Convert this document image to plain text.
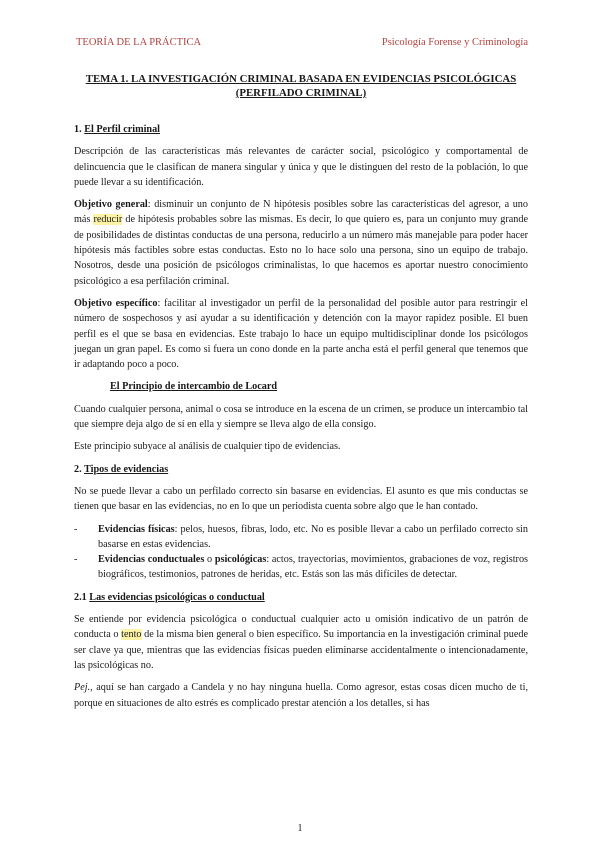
TEORÍA DE LA PRÁCTICA	Psicología Forense y Criminología
TEMA 1. LA INVESTIGACIÓN CRIMINAL BASADA EN EVIDENCIAS PSICOLÓGICAS
(PERFILADO CRIMINAL)
1. El Perfil criminal

Descripción de las características más relevantes de carácter social, psicológico y comportamental de delincuencia que le clasifican de manera singular y única y que le distinguen del resto de la población, lo que puede llevar a su identificación.

Objetivo general: disminuir un conjunto de N hipótesis posibles sobre las características del agresor, a uno más reducir de hipótesis probables sobre las mismas. Es decir, lo que quiero es, para un conjunto muy grande de posibilidades de distintas conductas de una persona, reducirlo a un número más manejable para poder hacer hipótesis más factibles sobre estas conductas. Esto no lo hace solo una persona, sino un equipo de trabajo. Nosotros, desde una posición de psicólogos criminalistas, lo que hacemos es aportar nuestro conocimiento psicológico a esa perfilación criminal.

Objetivo específico: facilitar al investigador un perfil de la personalidad del posible autor para restringir el número de sospechosos y así ayudar a su identificación y detención con la mayor rapidez posible. El buen perfil es el que se basa en evidencias. Este trabajo lo hace un equipo multidisciplinar donde los psicólogos juegan un gran papel. Es como si fuera un cono donde en la parte ancha está el perfil general que tenemos que ir adaptando poco a poco.

El Principio de intercambio de Locard

Cuando cualquier persona, animal o cosa se introduce en la escena de un crimen, se produce un intercambio tal que siempre deja algo de sí en ella y siempre se lleva algo de ella consigo.

Este principio subyace al análisis de cualquier tipo de evidencias.

2. Tipos de evidencias

No se puede llevar a cabo un perfilado correcto sin basarse en evidencias. El asunto es que mis conductas se tienen que basar en las evidencias, no en lo que un periodista cuenta sobre algo que le han contado.

- Evidencias físicas: pelos, huesos, fibras, lodo, etc. No es posible llevar a cabo un perfilado correcto sin basarse en estas evidencias.
- Evidencias conductuales o psicológicas: actos, trayectorias, movimientos, grabaciones de voz, registros biográficos, testimonios, patrones de heridas, etc. Estás son las más difíciles de detectar.
2.1 Las evidencias psicológicas o conductual

Se entiende por evidencia psicológica o conductual cualquier acto u omisión indicativo de un patrón de conducta o tento de la misma bien general o bien específico. Su importancia en la investigación criminal puede ser clave ya que, mientras que las evidencias físicas pueden eliminarse accidentalmente o intencionadamente, las psicológicas no.

Pej., aquí se han cargado a Candela y no hay ninguna huella. Como agresor, estas cosas dicen mucho de ti, porque en situaciones de alto estrés es complicado prestar atención a los detalles, si has

1
